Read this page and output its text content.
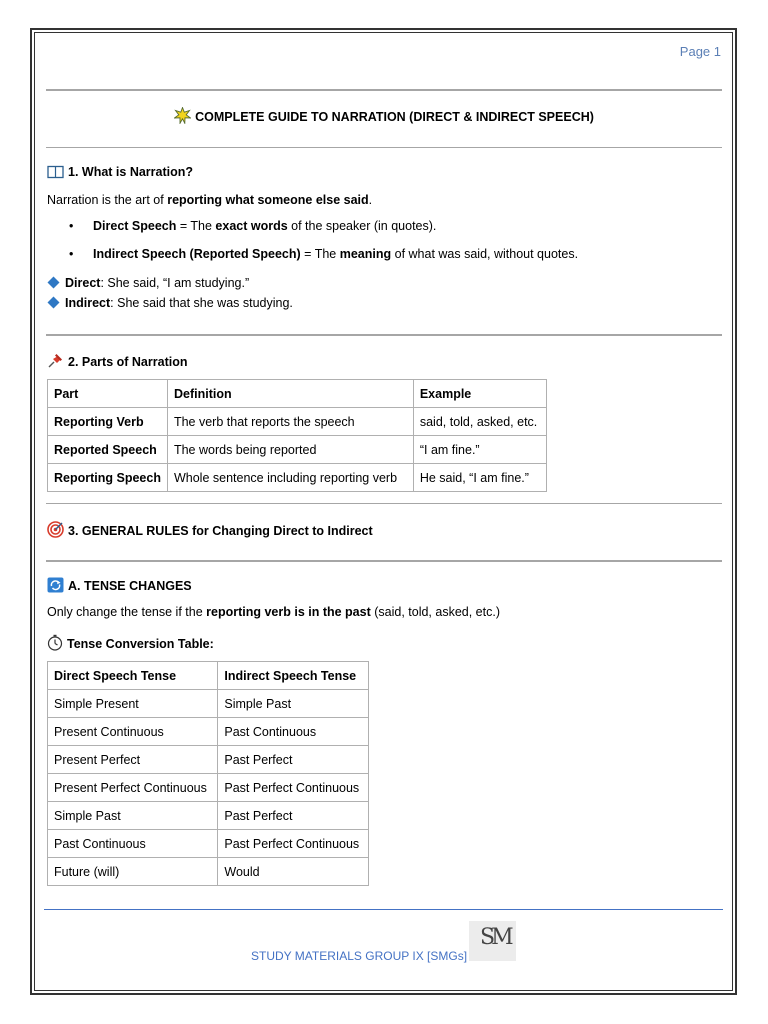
Page 1
COMPLETE GUIDE TO NARRATION (DIRECT & INDIRECT SPEECH)
1. What is Narration?
Narration is the art of reporting what someone else said.
• Direct Speech = The exact words of the speaker (in quotes).
• Indirect Speech (Reported Speech) = The meaning of what was said, without quotes.
Direct: She said, “I am studying.”
Indirect: She said that she was studying.
2. Parts of Narration
Part	Definition	Example
Reporting Verb	The verb that reports the speech	said, told, asked, etc.
Reported Speech	The words being reported	“I am fine.”
Reporting Speech	Whole sentence including reporting verb	He said, “I am fine.”
3. GENERAL RULES for Changing Direct to Indirect
A. TENSE CHANGES
Only change the tense if the reporting verb is in the past (said, told, asked, etc.)
Tense Conversion Table:
Direct Speech Tense	Indirect Speech Tense
Simple Present	Simple Past
Present Continuous	Past Continuous
Present Perfect	Past Perfect
Present Perfect Continuous	Past Perfect Continuous
Simple Past	Past Perfect
Past Continuous	Past Perfect Continuous
Future (will)	Would
STUDY MATERIALS GROUP IX [SMGs]
SM
